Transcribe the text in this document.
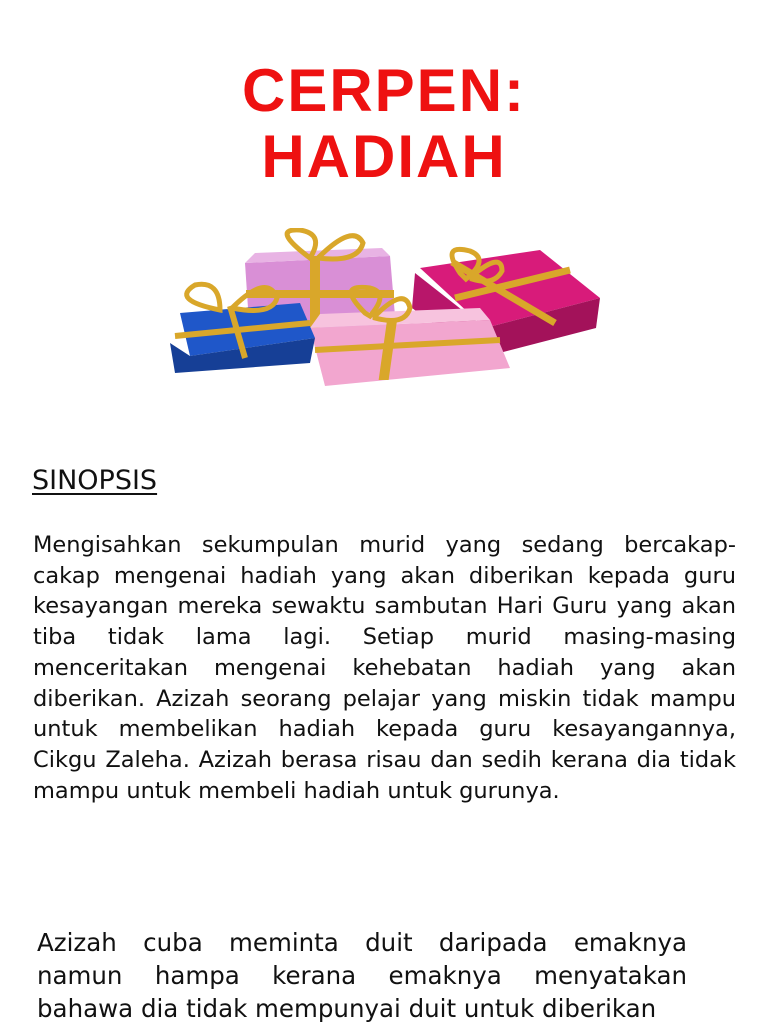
CERPEN:
HADIAH
SINOPSIS

Mengisahkan sekumpulan murid yang sedang bercakap-cakap mengenai hadiah yang akan diberikan kepada guru kesayangan mereka sewaktu sambutan Hari Guru yang akan tiba tidak lama lagi. Setiap murid masing-masing menceritakan mengenai kehebatan hadiah yang akan diberikan. Azizah seorang pelajar yang miskin tidak mampu untuk membelikan hadiah kepada guru kesayangannya, Cikgu Zaleha. Azizah berasa risau dan sedih kerana dia tidak mampu untuk membeli hadiah untuk gurunya.

Azizah cuba meminta duit daripada emaknya namun hampa kerana emaknya menyatakan bahawa dia tidak mempunyai duit untuk diberikan
